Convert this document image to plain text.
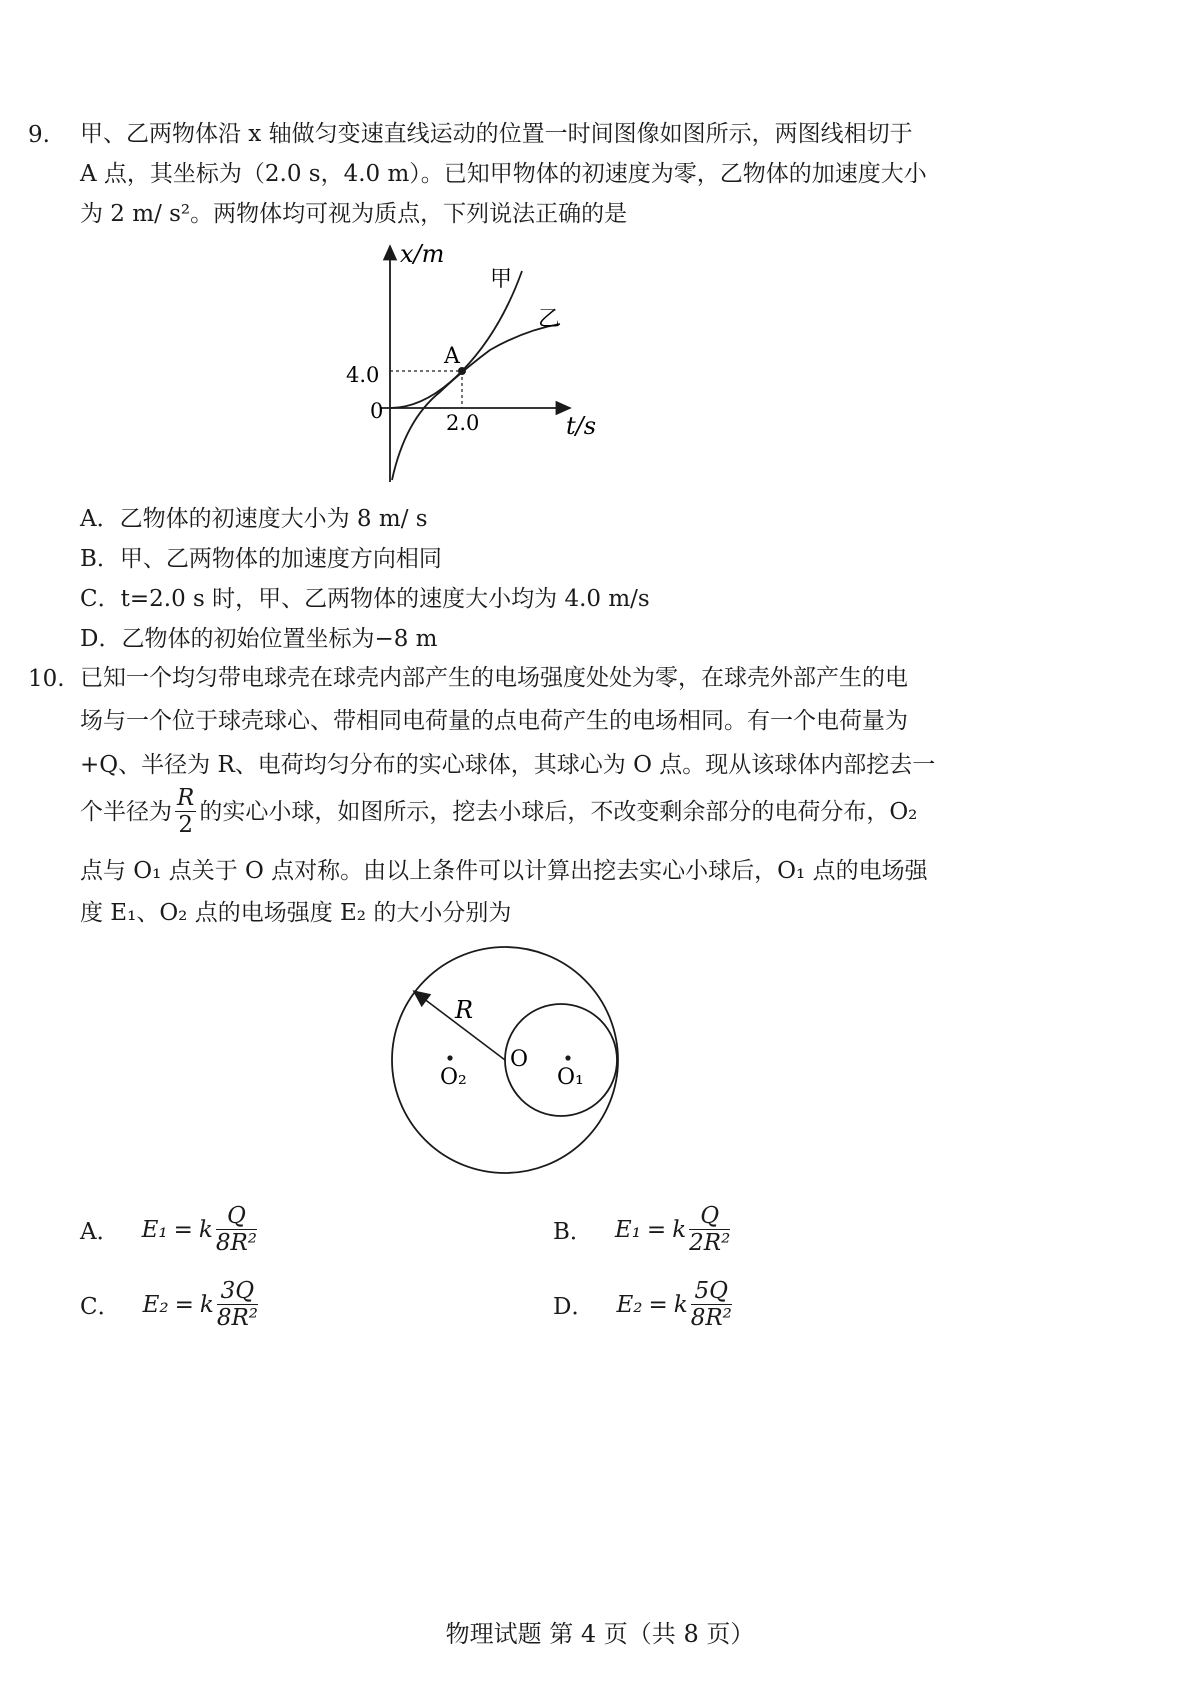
9. 甲、乙两物体沿 x 轴做匀变速直线运动的位置一时间图像如图所示，两图线相切于
A 点，其坐标为（2.0 s，4.0 m）。已知甲物体的初速度为零，乙物体的加速度大小
为 2 m/ s²。两物体均可视为质点，下列说法正确的是
x/m
t/s
甲
乙
A
4.0
0	2.0
A．乙物体的初速度大小为 8 m/ s
B．甲、乙两物体的加速度方向相同
C．t=2.0 s 时，甲、乙两物体的速度大小均为 4.0 m/s
D．乙物体的初始位置坐标为−8 m
10. 已知一个均匀带电球壳在球壳内部产生的电场强度处处为零，在球壳外部产生的电
场与一个位于球壳球心、带相同电荷量的点电荷产生的电场相同。有一个电荷量为
+Q、半径为 R、电荷均匀分布的实心球体，其球心为 O 点。现从该球体内部挖去一
个半径为 $\frac{R}{2}$ 的实心小球，如图所示，挖去小球后，不改变剩余部分的电荷分布，O₂
点与 O₁ 点关于 O 点对称。由以上条件可以计算出挖去实心小球后，O₁ 点的电场强
度 E₁、O₂ 点的电场强度 E₂ 的大小分别为
R
O
O₂	O₁
A． E₁ = k $\frac{Q}{\text{8R²}}$	B． E₁ = k $\frac{Q}{\text{2R²}}$
C． E₂ = k $\frac{3Q}{\text{8R²}}$	D． E₂ = k $\frac{5Q}{\text{8R²}}$
物理试题 第 4 页（共 8 页）
